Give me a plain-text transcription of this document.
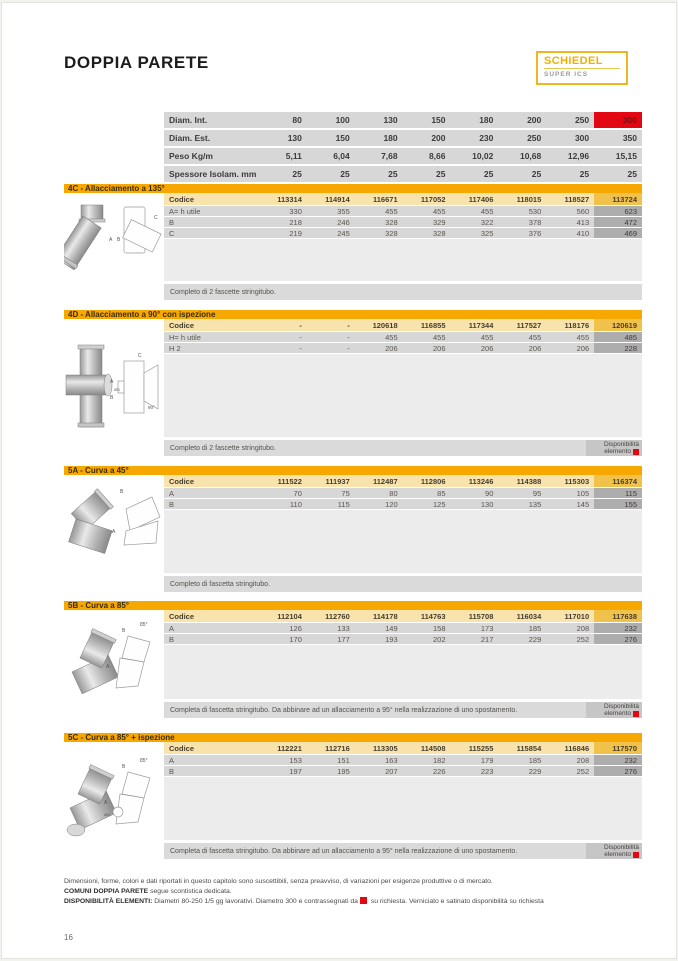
DOPPIA PARETE	SCHIEDEL
SUPER ICS
Diam. Int.	80	100	130	150	180	200	250	300
Diam. Est.	130	150	180	200	230	250	300	350
Peso Kg/m	5,11	6,04	7,68	8,66	10,02	10,68	12,96	15,15
Spessore Isolam. mm	25	25	25	25	25	25	25	25
4C - Allacciamento a 135°
A B
C
Codice	113314	114914	116671	117052	117406	118015	118527	113724
A= h utile	330	355	455	455	455	530	560	623
B	218	246	328	329	322	378	413	472
C	219	245	328	328	325	376	410	469
Completo di 2 fascette stringitubo.
4D - Allacciamento a 90° con ispezione
C
A
B
ØD
90°
Codice	-	-	120618	116855	117344	117527	118176	120619
H= h utile	-	-	455	455	455	455	455	485
H 2	-	-	206	206	206	206	206	228
Completo di 2 fascette stringitubo.	Disponibilità
elemento
5A - Curva a 45°
B
A
Codice	111522	111937	112487	112806	113246	114388	115303	116374
A	70	75	80	85	90	95	105	115
B	110	115	120	125	130	135	145	155
Completo di fascetta stringitubo.
5B - Curva a 85°
85°
B
A
Codice	112104	112760	114178	114763	115708	116034	117010	117638
A	126	133	149	158	173	185	208	232
B	170	177	193	202	217	229	252	276
Completa di fascetta stringitubo. Da abbinare ad un allacciamento a 95° nella realizzazione di uno spostamento.	Disponibilità
elemento
5C - Curva a 85° + ispezione
85°
B
A
ØD
Codice	112221	112716	113305	114508	115255	115854	116846	117570
A	153	151	163	182	179	185	208	232
B	197	195	207	226	223	229	252	276
Completa di fascetta stringitubo. Da abbinare ad un allacciamento a 95° nella realizzazione di uno spostamento.	Disponibilità
elemento
Dimensioni, forme, colori e dati riportati in questo capitolo sono suscettibili, senza preavviso, di variazioni per esigenze produttive o di mercato.
COMUNI DOPPIA PARETE segue scontistica dedicata.
DISPONIBILITÀ ELEMENTI: Diametri 80-250 1/5 gg lavorativi. Diametro 300 e contrassegnati da su richiesta. Verniciato e satinato disponibilità su richiesta
16
